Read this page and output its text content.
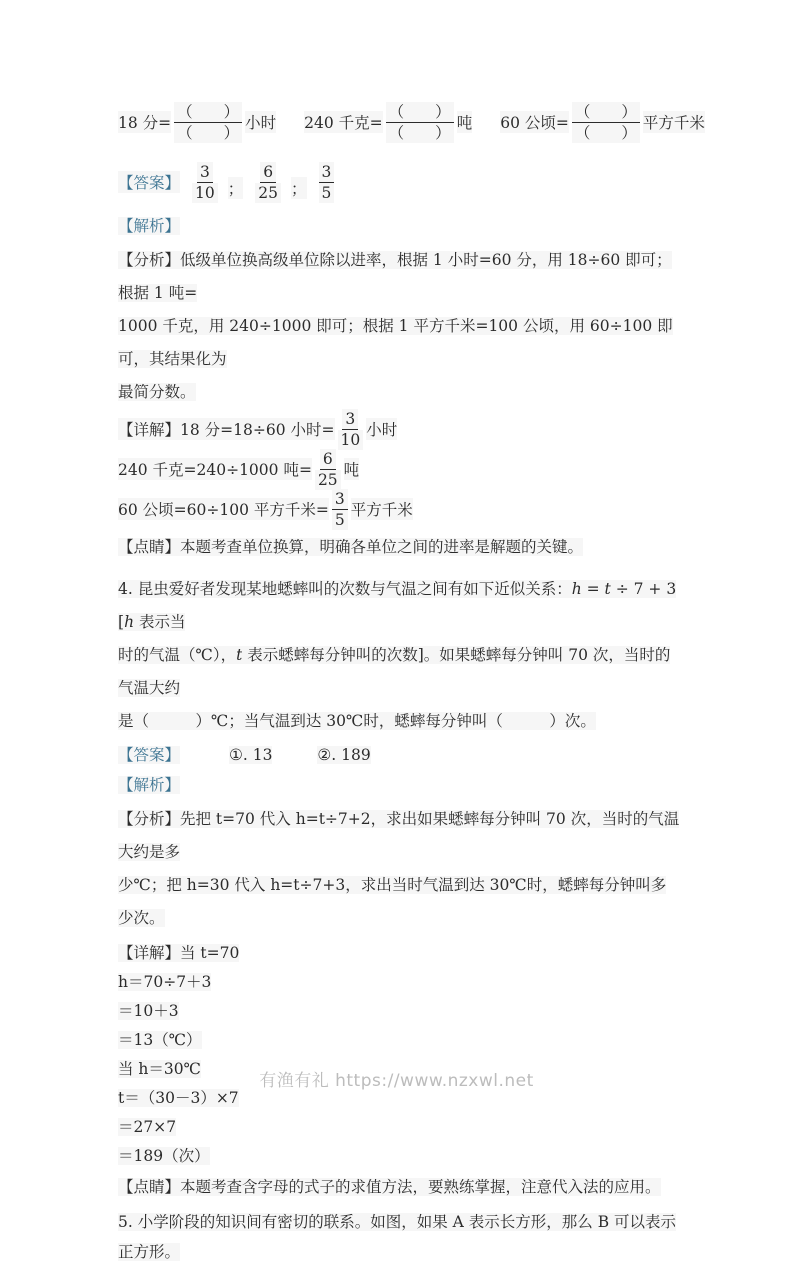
18 分= $\frac{( )}{( )}$ 小时 240 千克= $\frac{( )}{( )}$ 吨 60 公顷= $\frac{( )}{( )}$ 平方千米
【答案】 $\frac{3}{10}$ ； $\frac{6}{25}$ ； $\frac{3}{5}$
【解析】
【分析】低级单位换高级单位除以进率，根据 1 小时=60 分，用 18÷60 即可；根据 1 吨=
1000 千克，用 240÷1000 即可；根据 1 平方千米=100 公顷，用 60÷100 即可，其结果化为
最简分数。
【详解】18 分=18÷60 小时= $\frac{3}{10}$ 小时
240 千克=240÷1000 吨= $\frac{6}{25}$ 吨
60 公顷=60÷100 平方千米= $\frac{3}{5}$ 平方千米
【点睛】本题考查单位换算，明确各单位之间的进率是解题的关键。
4. 昆虫爱好者发现某地蟋蟀叫的次数与气温之间有如下近似关系：h = t ÷ 7 + 3 [h 表示当
时的气温（℃），t 表示蟋蟀每分钟叫的次数]。如果蟋蟀每分钟叫 70 次，当时的气温大约
是（　　　）℃；当气温到达 30℃时，蟋蟀每分钟叫（　　　）次。
【答案】	①. 13	②. 189
【解析】
【分析】先把 t=70 代入 h=t÷7+2，求出如果蟋蟀每分钟叫 70 次，当时的气温大约是多
少℃；把 h=30 代入 h=t÷7+3，求出当时气温到达 30℃时，蟋蟀每分钟叫多少次。
【详解】当 t=70
h＝70÷7＋3
＝10＋3
＝13（℃）
当 h＝30℃
t＝（30－3）×7
＝27×7
＝189（次）
【点睛】本题考查含字母的式子的求值方法，要熟练掌握，注意代入法的应用。
5. 小学阶段的知识间有密切的联系。如图，如果 A 表示长方形，那么 B 可以表示正方形。
有渔有礼 https://www.nzxwl.net
